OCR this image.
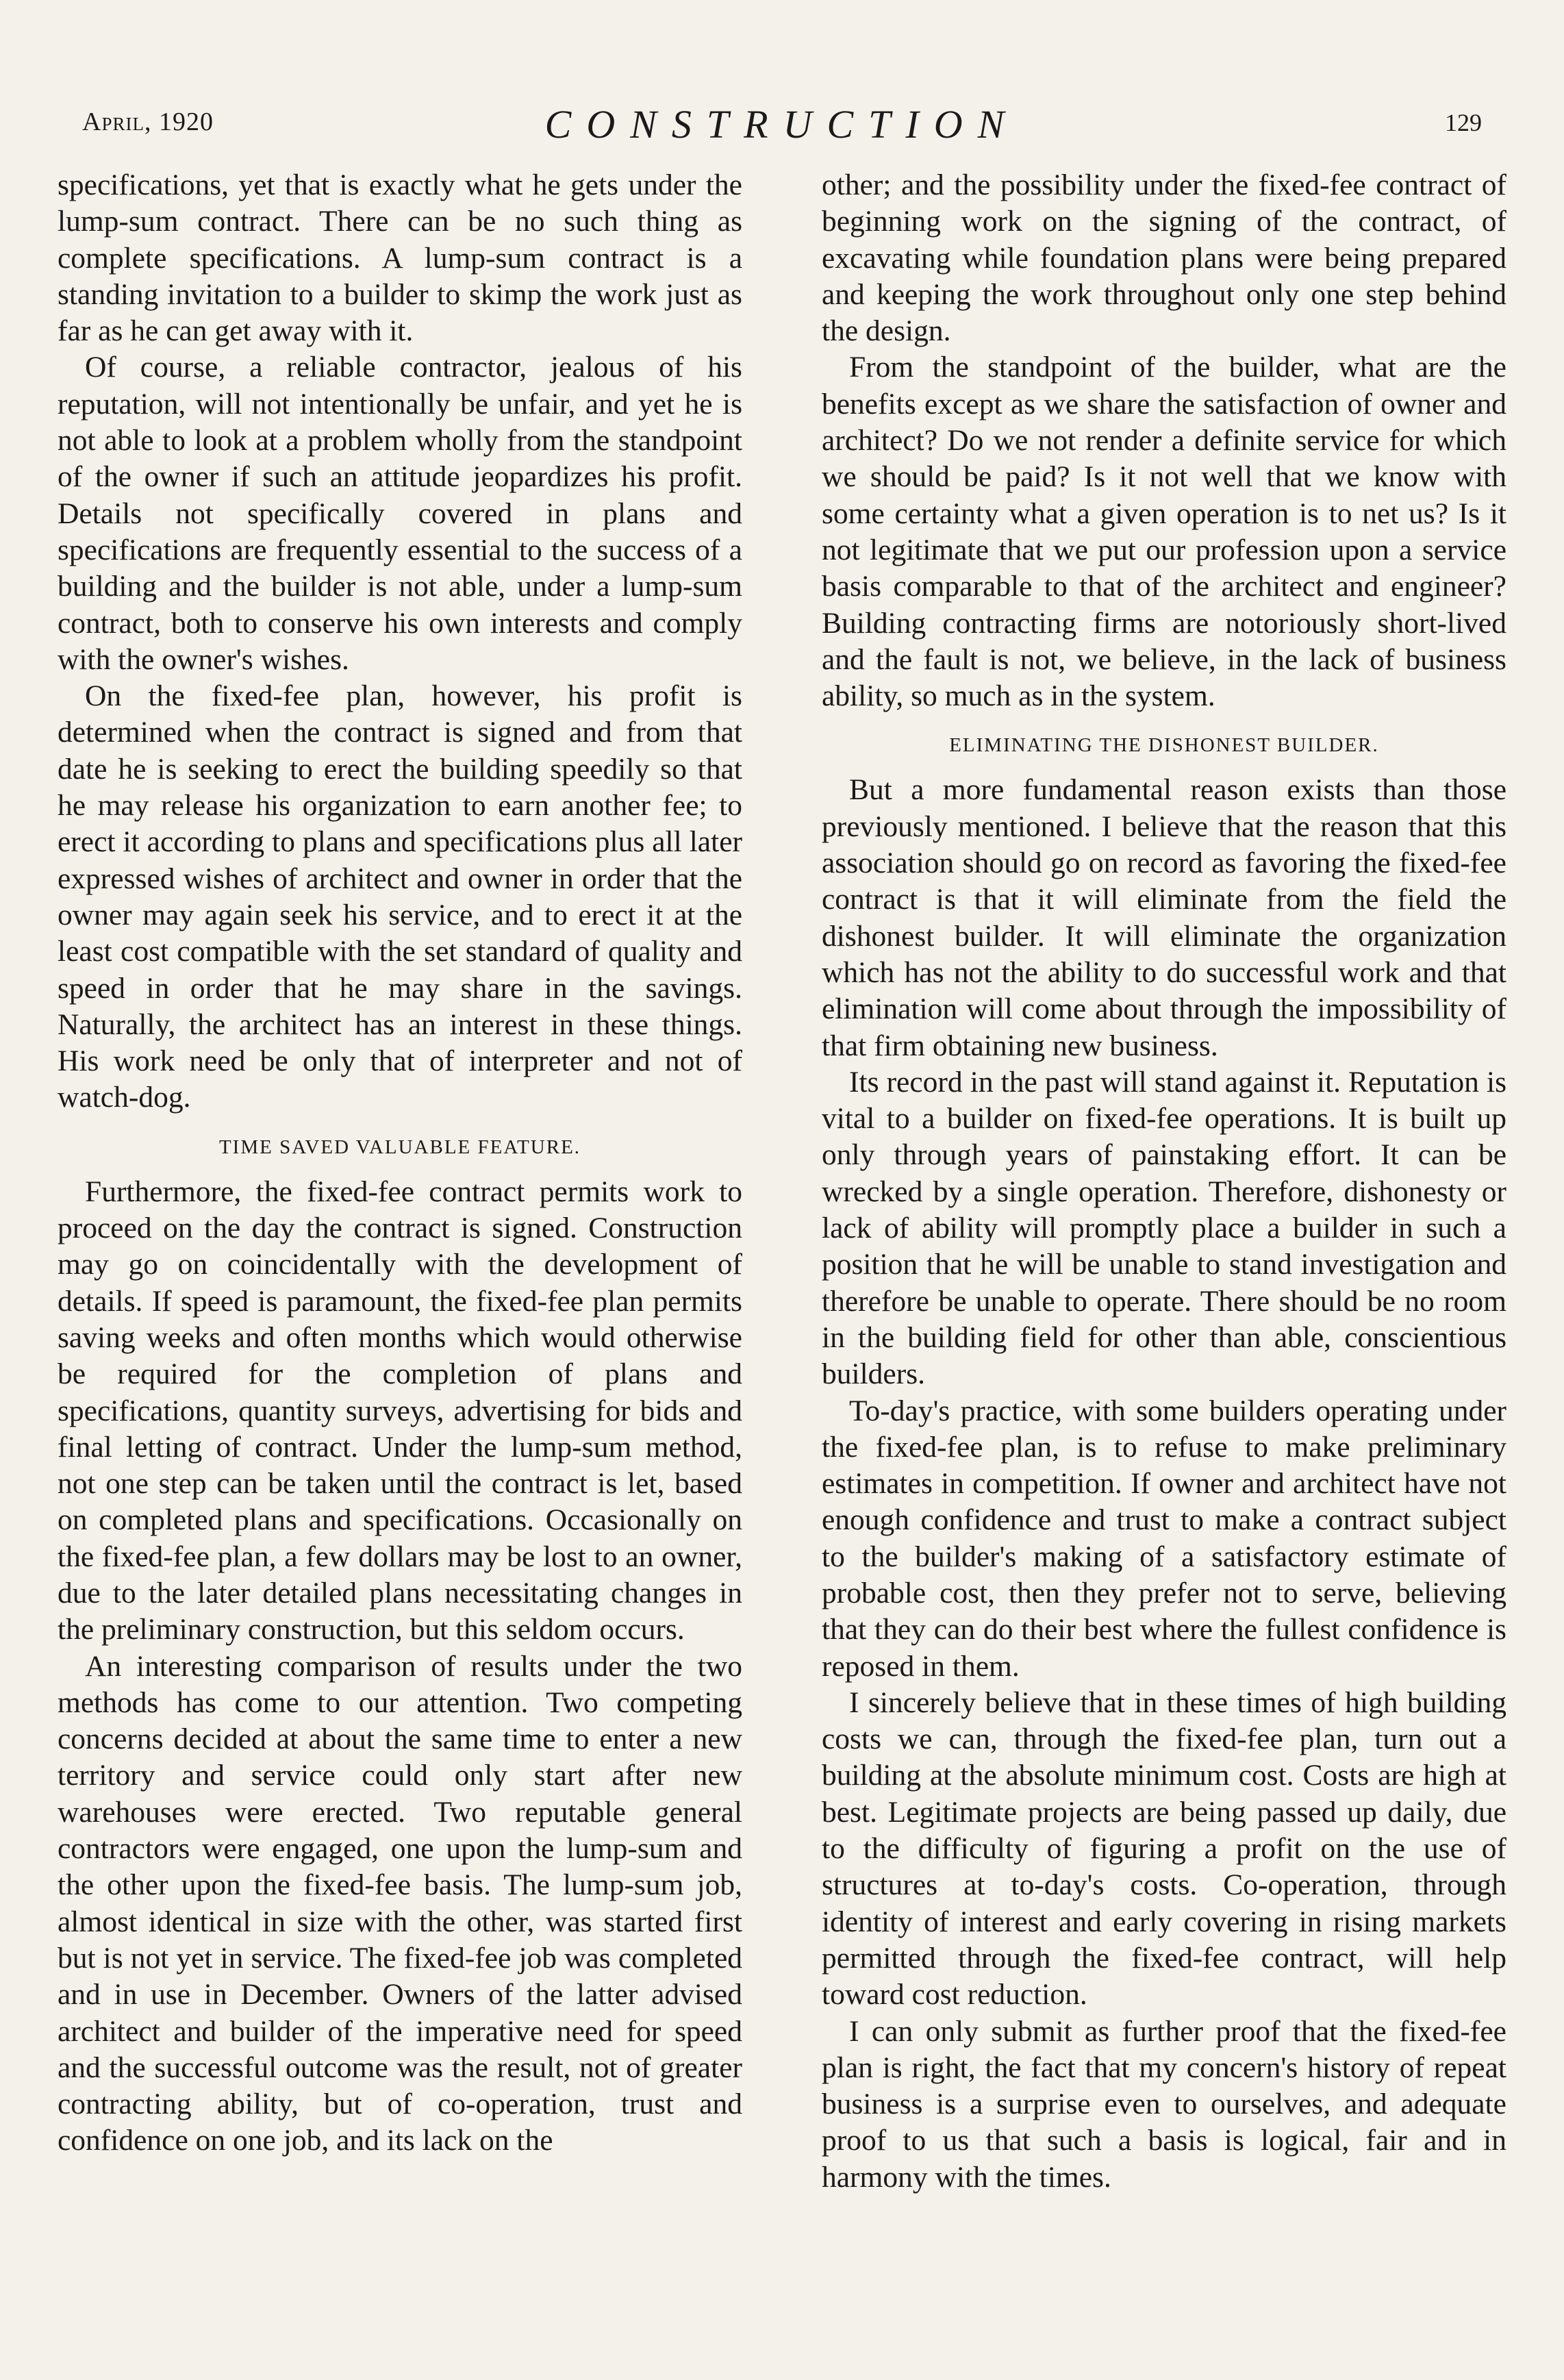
April, 1920	CONSTRUCTION	129

specifications, yet that is exactly what he gets under the lump-sum contract. There can be no such thing as complete specifications. A lump-sum contract is a standing invitation to a builder to skimp the work just as far as he can get away with it.

Of course, a reliable contractor, jealous of his reputation, will not intentionally be unfair, and yet he is not able to look at a problem wholly from the standpoint of the owner if such an attitude jeopardizes his profit. Details not specifically covered in plans and specifications are frequently essential to the success of a building and the builder is not able, under a lump-sum contract, both to conserve his own interests and comply with the owner's wishes.

On the fixed-fee plan, however, his profit is determined when the contract is signed and from that date he is seeking to erect the building speedily so that he may release his organization to earn another fee; to erect it according to plans and specifications plus all later expressed wishes of architect and owner in order that the owner may again seek his service, and to erect it at the least cost compatible with the set standard of quality and speed in order that he may share in the savings. Naturally, the architect has an interest in these things. His work need be only that of interpreter and not of watch-dog.

TIME SAVED VALUABLE FEATURE.

Furthermore, the fixed-fee contract permits work to proceed on the day the contract is signed. Construction may go on coincidentally with the development of details. If speed is paramount, the fixed-fee plan permits saving weeks and often months which would otherwise be required for the completion of plans and specifications, quantity surveys, advertising for bids and final letting of contract. Under the lump-sum method, not one step can be taken until the contract is let, based on completed plans and specifications. Occasionally on the fixed-fee plan, a few dollars may be lost to an owner, due to the later detailed plans necessitating changes in the preliminary construction, but this seldom occurs.

An interesting comparison of results under the two methods has come to our attention. Two competing concerns decided at about the same time to enter a new territory and service could only start after new warehouses were erected. Two reputable general contractors were engaged, one upon the lump-sum and the other upon the fixed-fee basis. The lump-sum job, almost identical in size with the other, was started first but is not yet in service. The fixed-fee job was completed and in use in December. Owners of the latter advised architect and builder of the imperative need for speed and the successful outcome was the result, not of greater contracting ability, but of co-operation, trust and confidence on one job, and its lack on the

other; and the possibility under the fixed-fee contract of beginning work on the signing of the contract, of excavating while foundation plans were being prepared and keeping the work throughout only one step behind the design.

From the standpoint of the builder, what are the benefits except as we share the satisfaction of owner and architect? Do we not render a definite service for which we should be paid? Is it not well that we know with some certainty what a given operation is to net us? Is it not legitimate that we put our profession upon a service basis comparable to that of the architect and engineer? Building contracting firms are notoriously short-lived and the fault is not, we believe, in the lack of business ability, so much as in the system.

ELIMINATING THE DISHONEST BUILDER.

But a more fundamental reason exists than those previously mentioned. I believe that the reason that this association should go on record as favoring the fixed-fee contract is that it will eliminate from the field the dishonest builder. It will eliminate the organization which has not the ability to do successful work and that elimination will come about through the impossibility of that firm obtaining new business.

Its record in the past will stand against it. Reputation is vital to a builder on fixed-fee operations. It is built up only through years of painstaking effort. It can be wrecked by a single operation. Therefore, dishonesty or lack of ability will promptly place a builder in such a position that he will be unable to stand investigation and therefore be unable to operate. There should be no room in the building field for other than able, conscientious builders.

To-day's practice, with some builders operating under the fixed-fee plan, is to refuse to make preliminary estimates in competition. If owner and architect have not enough confidence and trust to make a contract subject to the builder's making of a satisfactory estimate of probable cost, then they prefer not to serve, believing that they can do their best where the fullest confidence is reposed in them.

I sincerely believe that in these times of high building costs we can, through the fixed-fee plan, turn out a building at the absolute minimum cost. Costs are high at best. Legitimate projects are being passed up daily, due to the difficulty of figuring a profit on the use of structures at to-day's costs. Co-operation, through identity of interest and early covering in rising markets permitted through the fixed-fee contract, will help toward cost reduction.

I can only submit as further proof that the fixed-fee plan is right, the fact that my concern's history of repeat business is a surprise even to ourselves, and adequate proof to us that such a basis is logical, fair and in harmony with the times.
